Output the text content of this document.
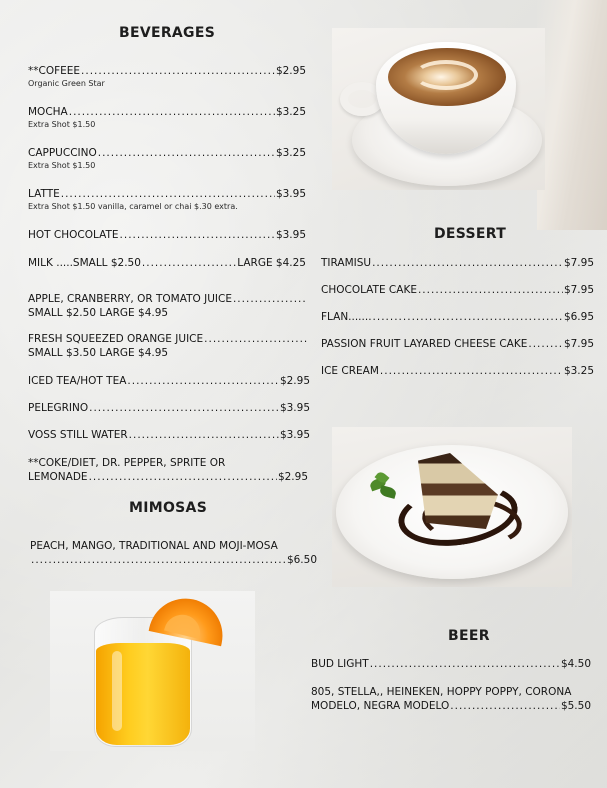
BEVERAGES
**COFEEE .....	$2.95
Organic Green Star
MOCHA .....	$3.25
Extra Shot $1.50
CAPPUCCINO .....	$3.25
Extra Shot $1.50
LATTE .....	$3.95
Extra Shot $1.50 vanilla, caramel or chai $.30 extra.
HOT CHOCOLATE .....	$3.95
MILK .....SMALL $2.50 .....	LARGE $4.25
APPLE, CRANBERRY, OR TOMATO JUICE
.....
SMALL $2.50 LARGE $4.95
FRESH SQUEEZED ORANGE JUICE
.....
SMALL $3.50 LARGE $4.95
ICED TEA/HOT TEA .....	$2.95
PELEGRINO .....	$3.95
VOSS STILL WATER .....	$3.95
**COKE/DIET, DR. PEPPER, SPRITE OR
LEMONADE .....	$2.95
MIMOSAS
PEACH, MANGO, TRADITIONAL AND MOJI-MOSA
.....
$6.50
DESSERT
TIRAMISU .....	$7.95
CHOCOLATE CAKE .....	$7.95
FLAN....... .....	$6.95
PASSION FRUIT LAYARED CHEESE CAKE .....	$7.95
ICE CREAM .....	$3.25
BEER
BUD LIGHT .....	$4.50
805, STELLA,, HEINEKEN, HOPPY POPPY, CORONA
MODELO, NEGRA MODELO .....	$5.50
